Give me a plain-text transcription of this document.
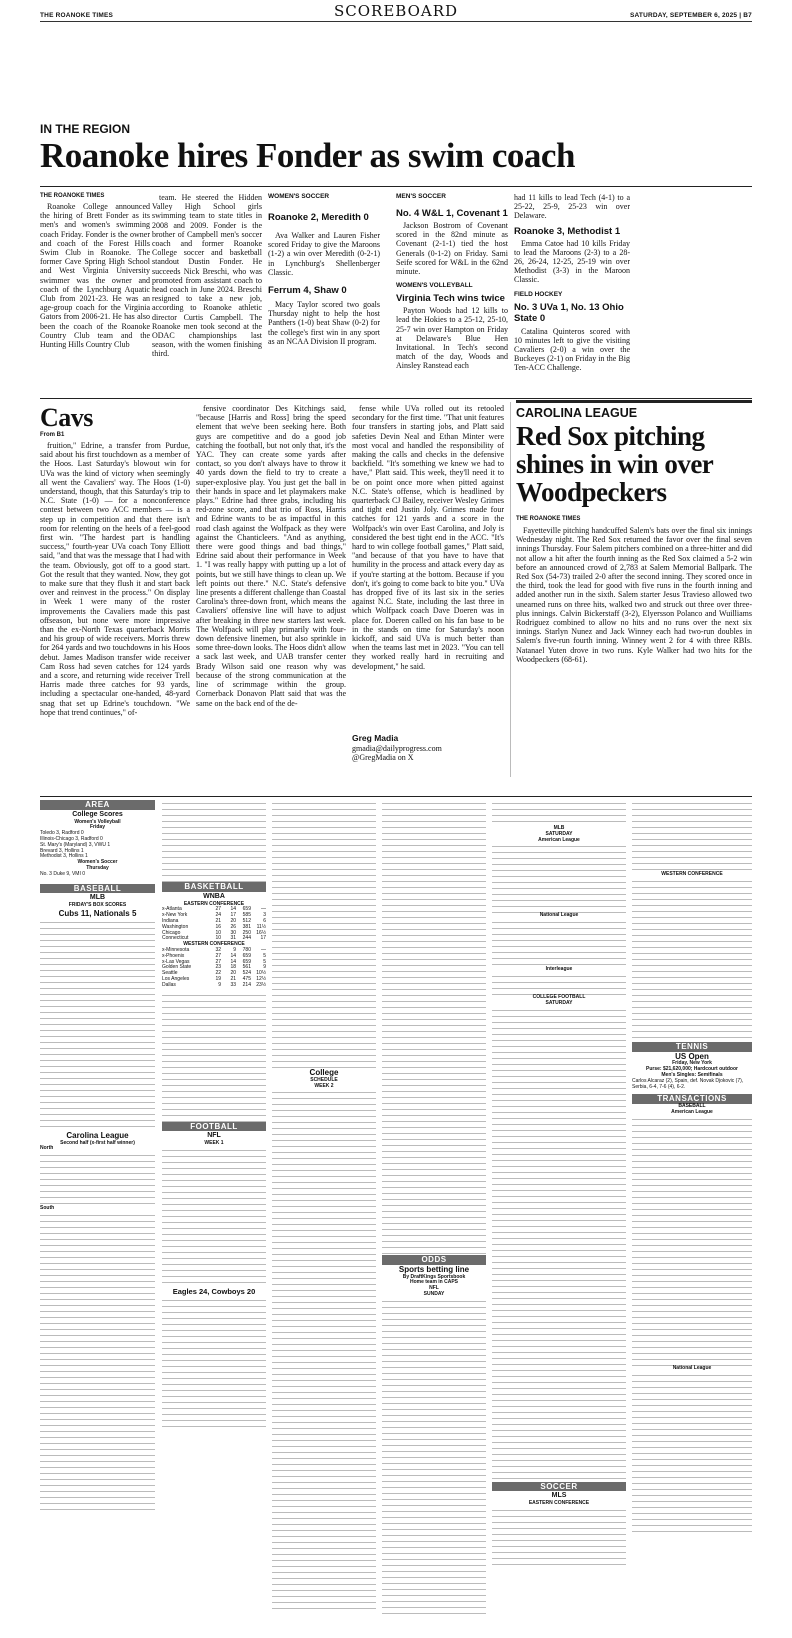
THE ROANOKE TIMES	SCOREBOARD	SATURDAY, SEPTEMBER 6, 2025 | B7
IN THE REGION
Roanoke hires Fonder as swim coach
THE ROANOKE TIMES

Roanoke College announced the hiring of Brett Fonder as its men's and women's swimming coach Friday. Fonder is the owner and coach of the Forest Hills Swim Club in Roanoke. The former Cave Spring High School and West Virginia University swimmer was the owner and coach of the Lynchburg Aquatic Club from 2021-23. He was an age-group coach for the Virginia Gators from 2006-21. He has also been the coach of the Roanoke Country Club team and the Hunting Hills Country Club

team. He steered the Hidden Valley High School girls swimming team to state titles in 2008 and 2009. Fonder is the brother of Campbell men's soccer coach and former Roanoke College soccer and basketball standout Dustin Fonder. He succeeds Nick Breschi, who was promoted from assistant coach to head coach in June 2024. Breschi resigned to take a new job, according to Roanoke athletic director Curtis Campbell. The Roanoke men took second at the ODAC championships last season, with the women finishing third.

WOMEN'S SOCCER
Roanoke 2, Meredith 0

Ava Walker and Lauren Fisher scored Friday to give the Maroons (1-2) a win over Meredith (0-2-1) in Lynchburg's Shellenberger Classic.

Ferrum 4, Shaw 0

Macy Taylor scored two goals Thursday night to help the host Panthers (1-0) beat Shaw (0-2) for the college's first win in any sport as an NCAA Division II program.

MEN'S SOCCER
No. 4 W&L 1, Covenant 1

Jackson Bostrom of Covenant scored in the 82nd minute as Covenant (2-1-1) tied the host Generals (0-1-2) on Friday. Sami Seife scored for W&L in the 62nd minute.

WOMEN'S VOLLEYBALL
Virginia Tech wins twice

Payton Woods had 12 kills to lead the Hokies to a 25-12, 25-10, 25-7 win over Hampton on Friday at Delaware's Blue Hen Invitational. In Tech's second match of the day, Woods and Ainsley Ranstead each

had 11 kills to lead Tech (4-1) to a 25-22, 25-9, 25-23 win over Delaware.
Roanoke 3, Methodist 1

Emma Catoe had 10 kills Friday to lead the Maroons (2-3) to a 28-26, 26-24, 12-25, 25-19 win over Methodist (3-3) in the Maroon Classic.

FIELD HOCKEY
No. 3 UVa 1, No. 13 Ohio State 0

Catalina Quinteros scored with 10 minutes left to give the visiting Cavaliers (2-0) a win over the Buckeyes (2-1) on Friday in the Big Ten-ACC Challenge.

Cavs
From B1

fruition," Edrine, a transfer from Purdue, said about his first touchdown as a member of the Hoos. Last Saturday's blowout win for UVa was the kind of victory when seemingly all went the Cavaliers' way. The Hoos (1-0) understand, though, that this Saturday's trip to N.C. State (1-0) — for a nonconference contest between two ACC members — is a step up in competition and that there isn't room for relenting on the heels of a feel-good first win. "The hardest part is handling success," fourth-year UVa coach Tony Elliott said, "and that was the message that I had with the team. Obviously, got off to a good start. Got the result that they wanted. Now, they got to make sure that they flush it and start back over and reinvest in the process." On display in Week 1 were many of the roster improvements the Cavaliers made this past offseason, but none were more impressive than the ex-North Texas quarterback Morris and his group of wide receivers. Morris threw for 264 yards and two touchdowns in his Hoos debut. James Madison transfer wide receiver Cam Ross had seven catches for 124 yards and a score, and returning wide receiver Trell Harris made three catches for 93 yards, including a spectacular one-handed, 48-yard snag that set up Edrine's touchdown. "We hope that trend continues," of-

fensive coordinator Des Kitchings said, "because [Harris and Ross] bring the speed element that we've been seeking here. Both guys are competitive and do a good job catching the football, but not only that, it's the YAC. They can create some yards after contact, so you don't always have to throw it 40 yards down the field to try to create a super-explosive play. You just get the ball in their hands in space and let playmakers make plays." Edrine had three grabs, including his red-zone score, and that trio of Ross, Harris and Edrine wants to be as impactful in this road clash against the Wolfpack as they were against the Chanticleers. "And as anything, there were good things and bad things," Edrine said about their performance in Week 1. "I was really happy with putting up a lot of points, but we still have things to clean up. We left points out there." N.C. State's defensive line presents a different challenge than Coastal Carolina's three-down front, which means the Cavaliers' offensive line will have to adjust after breaking in three new starters last week. The Wolfpack will play primarily with four-down defensive linemen, but also sprinkle in some three-down looks. The Hoos didn't allow a sack last week, and UAB transfer center Brady Wilson said one reason why was because of the strong communication at the line of scrimmage within the group. Cornerback Donavon Platt said that was the same on the back end of the de-

fense while UVa rolled out its retooled secondary for the first time. "That unit features four transfers in starting jobs, and Platt said safeties Devin Neal and Ethan Minter were most vocal and handled the responsibility of making the calls and checks in the defensive backfield. "It's something we knew we had to have," Platt said. This week, they'll need it to be on point once more when pitted against N.C. State's offense, which is headlined by quarterback CJ Bailey, receiver Wesley Grimes and tight end Justin Joly. Grimes made four catches for 121 yards and a score in the Wolfpack's win over East Carolina, and Joly is considered the best tight end in the ACC. "It's hard to win college football games," Platt said, "and because of that you have to have that humility in the process and attack every day as if you're starting at the bottom. Because if you don't, it's going to come back to bite you." UVa has dropped five of its last six in the series against N.C. State, including the last three in which Wolfpack coach Dave Doeren was in place for. Doeren called on his fan base to be in the stands on time for Saturday's noon kickoff, and said UVa is much better than when the teams last met in 2023. "You can tell they worked really hard in recruiting and development," he said.

Greg Madia
gmadia@dailyprogress.com
@GregMadia on X
CAROLINA LEAGUE
Red Sox pitching shines in win over Woodpeckers
THE ROANOKE TIMES

Fayetteville pitching handcuffed Salem's bats over the final six innings Wednesday night. The Red Sox returned the favor over the final seven innings Thursday. Four Salem pitchers combined on a three-hitter and did not allow a hit after the fourth inning as the Red Sox claimed a 5-2 win before an announced crowd of 2,783 at Salem Memorial Ballpark. The Red Sox (54-73) trailed 2-0 after the second inning. They scored once in the third, took the lead for good with five runs in the fourth inning and added another run in the sixth. Salem starter Jesus Travieso allowed two unearned runs on three hits, walked two and struck out three over three-plus innings. Calvin Bickerstaff (3-2), Elyersson Polanco and Wuilliams Rodriguez combined to allow no hits and no runs over the next six innings. Starlyn Nunez and Jack Winney each had two-run doubles in Salem's five-run fourth inning. Winney went 2 for 4 with three RBIs. Natanael Yuten drove in two runs. Kyle Walker had two hits for the Woodpeckers (68-61).

AREA
College Scores
Women's Volleyball
Friday
Toledo 3, Radford 0
Illinois-Chicago 3, Radford 0
St. Mary's (Maryland) 3, VWU 1
Brevard 3, Hollins 1
Methodist 3, Hollins 1
Women's Soccer
Thursday
No. 3 Duke 9, VMI 0
BASEBALL
MLB
FRIDAY'S BOX SCORES
Cubs 11, Nationals 5
Carolina League
Second half (x-first half winner)
North
South
BASKETBALL
WNBA
EASTERN CONFERENCE
x-Atlanta	27	14	659	—
x-New York	24	17	585	3
Indiana	21	20	512	6
Washington	16	26	381	11½
Chicago	10	30	250	16½
Connecticut	10	31	244	17
WESTERN CONFERENCE
x-Minnesota	32	9	780	—
x-Phoenix	27	14	659	5
x-Las Vegas	27	14	659	5
Golden State	23	18	561	9
Seattle	22	20	524	10½
Los Angeles	19	21	475	12½
Dallas	9	33	214	23½
FOOTBALL
NFL
WEEK 1
Eagles 24, Cowboys 20
College
SCHEDULE
WEEK 2
ODDS
Sports betting line
By DraftKings Sportsbook
Home team in CAPS
NFL
SUNDAY
MLB
SATURDAY
American League
National League
Interleague
COLLEGE FOOTBALL
SATURDAY
SOCCER
MLS
EASTERN CONFERENCE
WESTERN CONFERENCE
TENNIS
US Open
Friday, New York
Purse: $21,620,000; Hardcourt outdoor
Men's Singles: Semifinals
Carlos Alcaraz (2), Spain, def. Novak Djokovic (7), Serbia, 6-4, 7-6 (4), 6-2.
TRANSACTIONS
BASEBALL
American League
National League
